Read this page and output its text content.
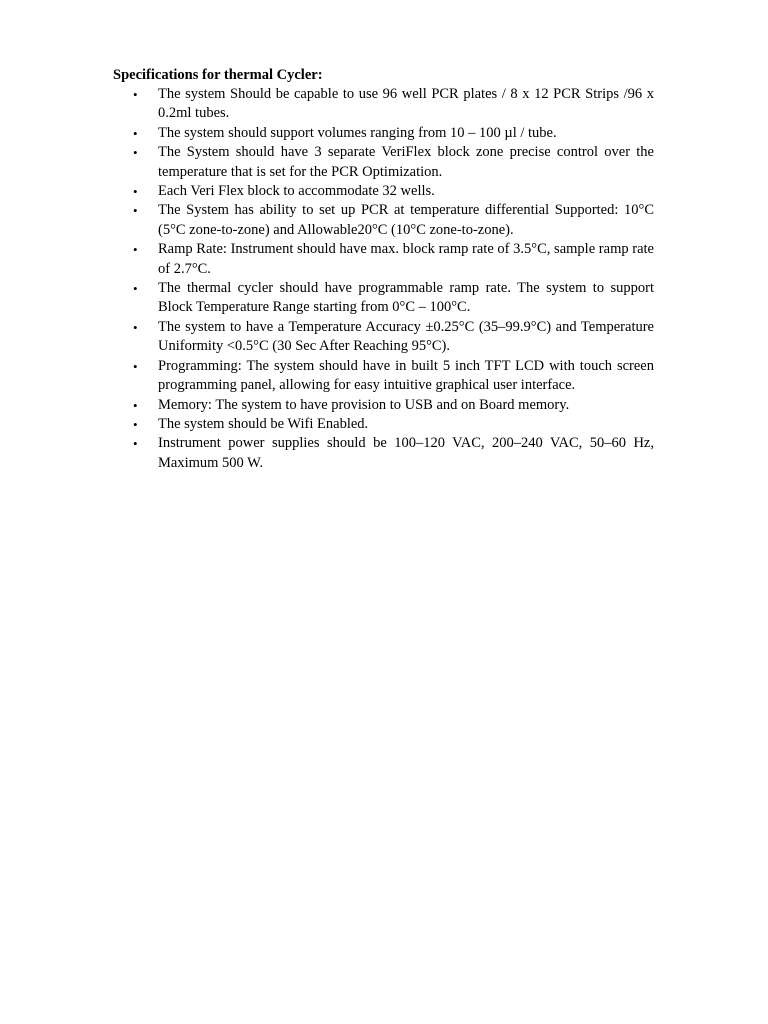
Specifications for thermal Cycler:

• The system Should be capable to use 96 well PCR plates / 8 x 12 PCR Strips /96 x 0.2ml tubes.
• The system should support volumes ranging from 10 – 100 µl / tube.
• The System should have 3 separate VeriFlex block zone precise control over the temperature that is set for the PCR Optimization.
• Each Veri Flex block to accommodate 32 wells.
• The System has ability to set up PCR at temperature differential Supported: 10°C (5°C zone-to-zone) and Allowable20°C (10°C zone-to-zone).
• Ramp Rate: Instrument should have max. block ramp rate of 3.5°C, sample ramp rate of 2.7°C.
• The thermal cycler should have programmable ramp rate. The system to support Block Temperature Range starting from 0°C – 100°C.
• The system to have a Temperature Accuracy ±0.25°C (35–99.9°C) and Temperature Uniformity <0.5°C (30 Sec After Reaching 95°C).
• Programming: The system should have in built 5 inch TFT LCD with touch screen programming panel, allowing for easy intuitive graphical user interface.
• Memory: The system to have provision to USB and on Board memory.
• The system should be Wifi Enabled.
• Instrument power supplies should be 100–120 VAC, 200–240 VAC, 50–60 Hz, Maximum 500 W.
